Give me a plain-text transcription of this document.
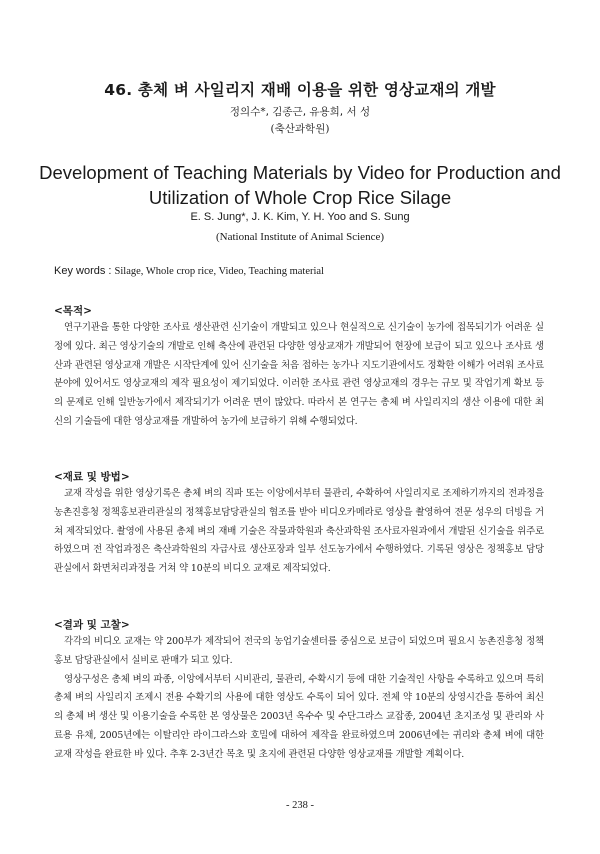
46. 총체 벼 사일리지 재배 이용을 위한 영상교재의 개발
정의수*, 김종근, 유용희, 서 성
(축산과학원)
Development of Teaching Materials by Video for Production and
Utilization of Whole Crop Rice Silage
E. S. Jung*, J. K. Kim, Y. H. Yoo and S. Sung
(National Institute of Animal Science)
Key words : Silage, Whole crop rice, Video, Teaching material
<목적>

연구기관을 통한 다양한 조사료 생산관련 신기술이 개발되고 있으나 현실적으로 신기술이 농가에 접목되기가 어려운 실정에 있다. 최근 영상기술의 개발로 인해 축산에 관련된 다양한 영상교재가 개발되어 현장에 보급이 되고 있으나 조사료 생산과 관련된 영상교재 개발은 시작단계에 있어 신기술을 처음 접하는 농가나 지도기관에서도 정확한 이해가 어려워 조사료 분야에 있어서도 영상교재의 제작 필요성이 제기되었다. 이러한 조사료 관련 영상교재의 경우는 규모 및 작업기계 확보 등의 문제로 인해 일반농가에서 제작되기가 어려운 면이 많았다. 따라서 본 연구는 총체 벼 사일리지의 생산 이용에 대한 최신의 기술들에 대한 영상교재를 개발하여 농가에 보급하기 위해 수행되었다.

<재료 및 방법>

교재 작성을 위한 영상기록은 총체 벼의 직파 또는 이앙에서부터 물관리, 수확하여 사일리지로 조제하기까지의 전과정을 농촌진흥청 정책홍보관리관실의 정책홍보담당관실의 협조를 받아 비디오카메라로 영상을 촬영하여 전문 성우의 더빙을 거쳐 제작되었다. 촬영에 사용된 총체 벼의 재배 기술은 작물과학원과 축산과학원 조사료자원과에서 개발된 신기술을 위주로 하였으며 전 작업과정은 축산과학원의 자급사료 생산포장과 일부 선도농가에서 수행하였다. 기록된 영상은 정책홍보 담당관실에서 화면처리과정을 거쳐 약 10분의 비디오 교재로 제작되었다.

<결과 및 고찰>

각각의 비디오 교재는 약 200부가 제작되어 전국의 농업기술센터를 중심으로 보급이 되었으며 필요시 농촌진흥청 정책홍보 담당관실에서 실비로 판매가 되고 있다.

영상구성은 총체 벼의 파종, 이앙에서부터 시비관리, 물관리, 수확시기 등에 대한 기술적인 사항을 수록하고 있으며 특히 총체 벼의 사일리지 조제시 전용 수확기의 사용에 대한 영상도 수록이 되어 있다. 전체 약 10분의 상영시간을 통하여 최신의 총체 벼 생산 및 이용기술을 수록한 본 영상물은 2003년 옥수수 및 수단그라스 교잡종, 2004년 초지조성 및 관리와 사료용 유채, 2005년에는 이탈리안 라이그라스와 호밀에 대하여 제작을 완료하였으며 2006년에는 귀리와 총체 벼에 대한 교재 작성을 완료한 바 있다. 추후 2-3년간 목초 및 초지에 관련된 다양한 영상교재를 개발할 계획이다.

- 238 -
